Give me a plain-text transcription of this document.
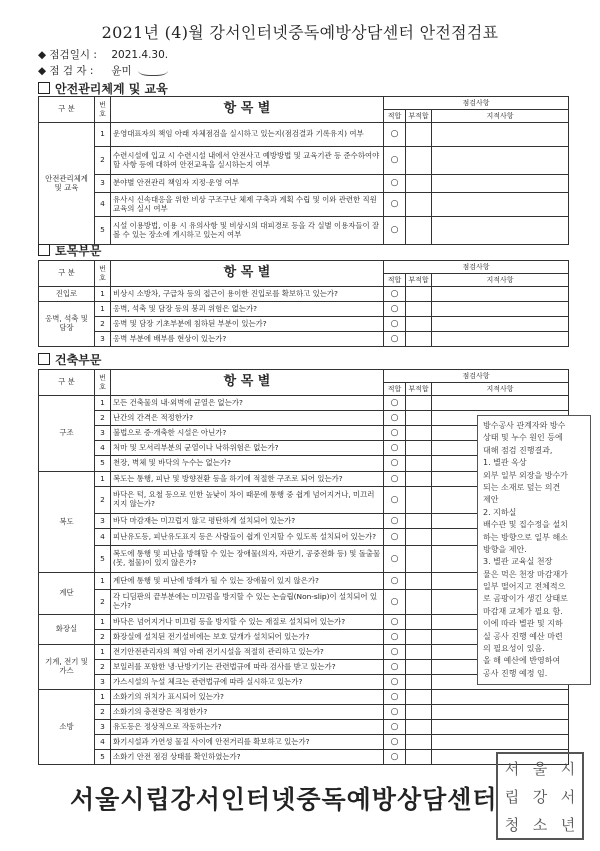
2021년 (4)월 강서인터넷중독예방상담센터 안전점검표
◆ 점검일시 : 2021.4.30.
◆ 점 검 자 : 윤미
안전관리체계 및 교육
구 분	번호	항 목 별	점검사항		
			적합	부적합	지적사항
안전관리체계 및 교육	1	운영대표자의 책임 아래 자체점검을 실시하고 있는지(점검결과 기록유지) 여부	○		
	2	수련시설에 입교 시 수련시설 내에서 안전사고 예방방법 및 교육기관 등 준수하여야 할 사항 등에 대하여 안전교육을 실시하는지 여부	○		
	3	분야별 안전관리 책임자 지정·운영 여부	○		
	4	유사시 신속대응을 위한 비상 구조구난 체제 구축과 계획 수립 및 이와 관련한 직원 교육의 실시 여부	○		
	5	시설 이용방법, 이용 시 유의사항 및 비상시의 대피경로 등을 각 실별 이용자들이 잘 볼 수 있는 장소에 게시하고 있는지 여부	○		
토목부문
구 분	번호	항 목 별	점검사항		
			적합	부적합	지적사항
진입로	1	비상시 소방차, 구급차 등의 접근이 용이한 진입로를 확보하고 있는가?	○		
옹벽, 석축 및 담장	1	옹벽, 석축 및 담장 등의 붕괴 위험은 없는가?	○		
	2	옹벽 및 담장 기초부분에 침하된 부분이 있는가?	○		
	3	옹벽 부분에 배부름 현상이 있는가?	○		
건축부문
구 분	번호	항 목 별	점검사항		
			적합	부적합	지적사항
구조	1	모든 건축물의 내·외벽에 균열은 없는가?	○		
	2	난간의 간격은 적정한가?	○		
	3	불법으로 증·개축한 시설은 아닌가?	○		
	4	처마 및 모서리부분의 균열이나 낙하위험은 없는가?	○		
	5	천장, 벽체 및 바닥의 누수는 없는가?	○		
복도	1	복도는 통행, 피난 및 방향전환 등을 하기에 적절한 구조로 되어 있는가?	○		
	2	바닥은 턱, 요철 등으로 인한 높낮이 차이 때문에 통행 중 쉽게 넘어지거나, 미끄러지지 않는가?	○		
	3	바닥 마감재는 미끄럽지 않고 평탄하게 설치되어 있는가?	○		
	4	피난유도등, 피난유도표지 등은 사람들이 쉽게 인지할 수 있도록 설치되어 있는가?	○		
	5	복도에 통행 및 피난을 방해할 수 있는 장애물(의자, 자판기, 공중전화 등) 및 돌출물(못, 철물)이 있지 않은가?	○		
계단	1	계단에 통행 및 피난에 방해가 될 수 있는 장애물이 있지 않은가?	○		
	2	각 디딤판의 끝부분에는 미끄럼을 방지할 수 있는 논슬립(Non-slip)이 설치되어 있는가?	○		
화장실	1	바닥은 넘어지거나 미끄럼 등을 방지할 수 있는 재질로 설치되어 있는가?	○		
	2	화장실에 설치된 전기설비에는 보호 덮개가 설치되어 있는가?	○		
기계, 전기 및 가스	1	전기안전관리자의 책임 아래 전기시설을 적절히 관리하고 있는가?	○		
	2	보일러를 포함한 냉·난방기기는 관련법규에 따라 검사를 받고 있는가?	○		
	3	가스시설의 누설 체크는 관련법규에 따라 실시하고 있는가?	○		
소방	1	소화기의 위치가 표시되어 있는가?	○		
	2	소화기의 충전량은 적정한가?	○		
	3	유도등은 정상적으로 작동하는가?	○		
	4	화기시설과 가연성 물질 사이에 안전거리를 확보하고 있는가?	○		
	5	소화기 안전 점검 상태를 확인하였는가?	○		
방수공사 관계자와 방수
상태 및 누수 원인 등에
대해 점검 진행결과,
1. 별관 옥상
외부 일부 외장을 방수가
되는 소재로 덮는 의견
제안
2. 지하실
배수관 및 집수정을 설치
하는 방향으로 일부 해소
방향을 제안.
3. 별관 교육실 천장
물은 먹은 천장 마감재가
일부 떨어지고 전체적으
로 곰팡이가 생긴 상태로
마감재 교체가 필요 함.
이에 따라 별관 및 지하
실 공사 진행 예산 마련
의 필요성이 있음.
올 해 예산에 반영하여
공사 진행 예정 임.
서울시립강서인터넷중독예방상담센터
서 울 시
립 강 서
청 소 년
